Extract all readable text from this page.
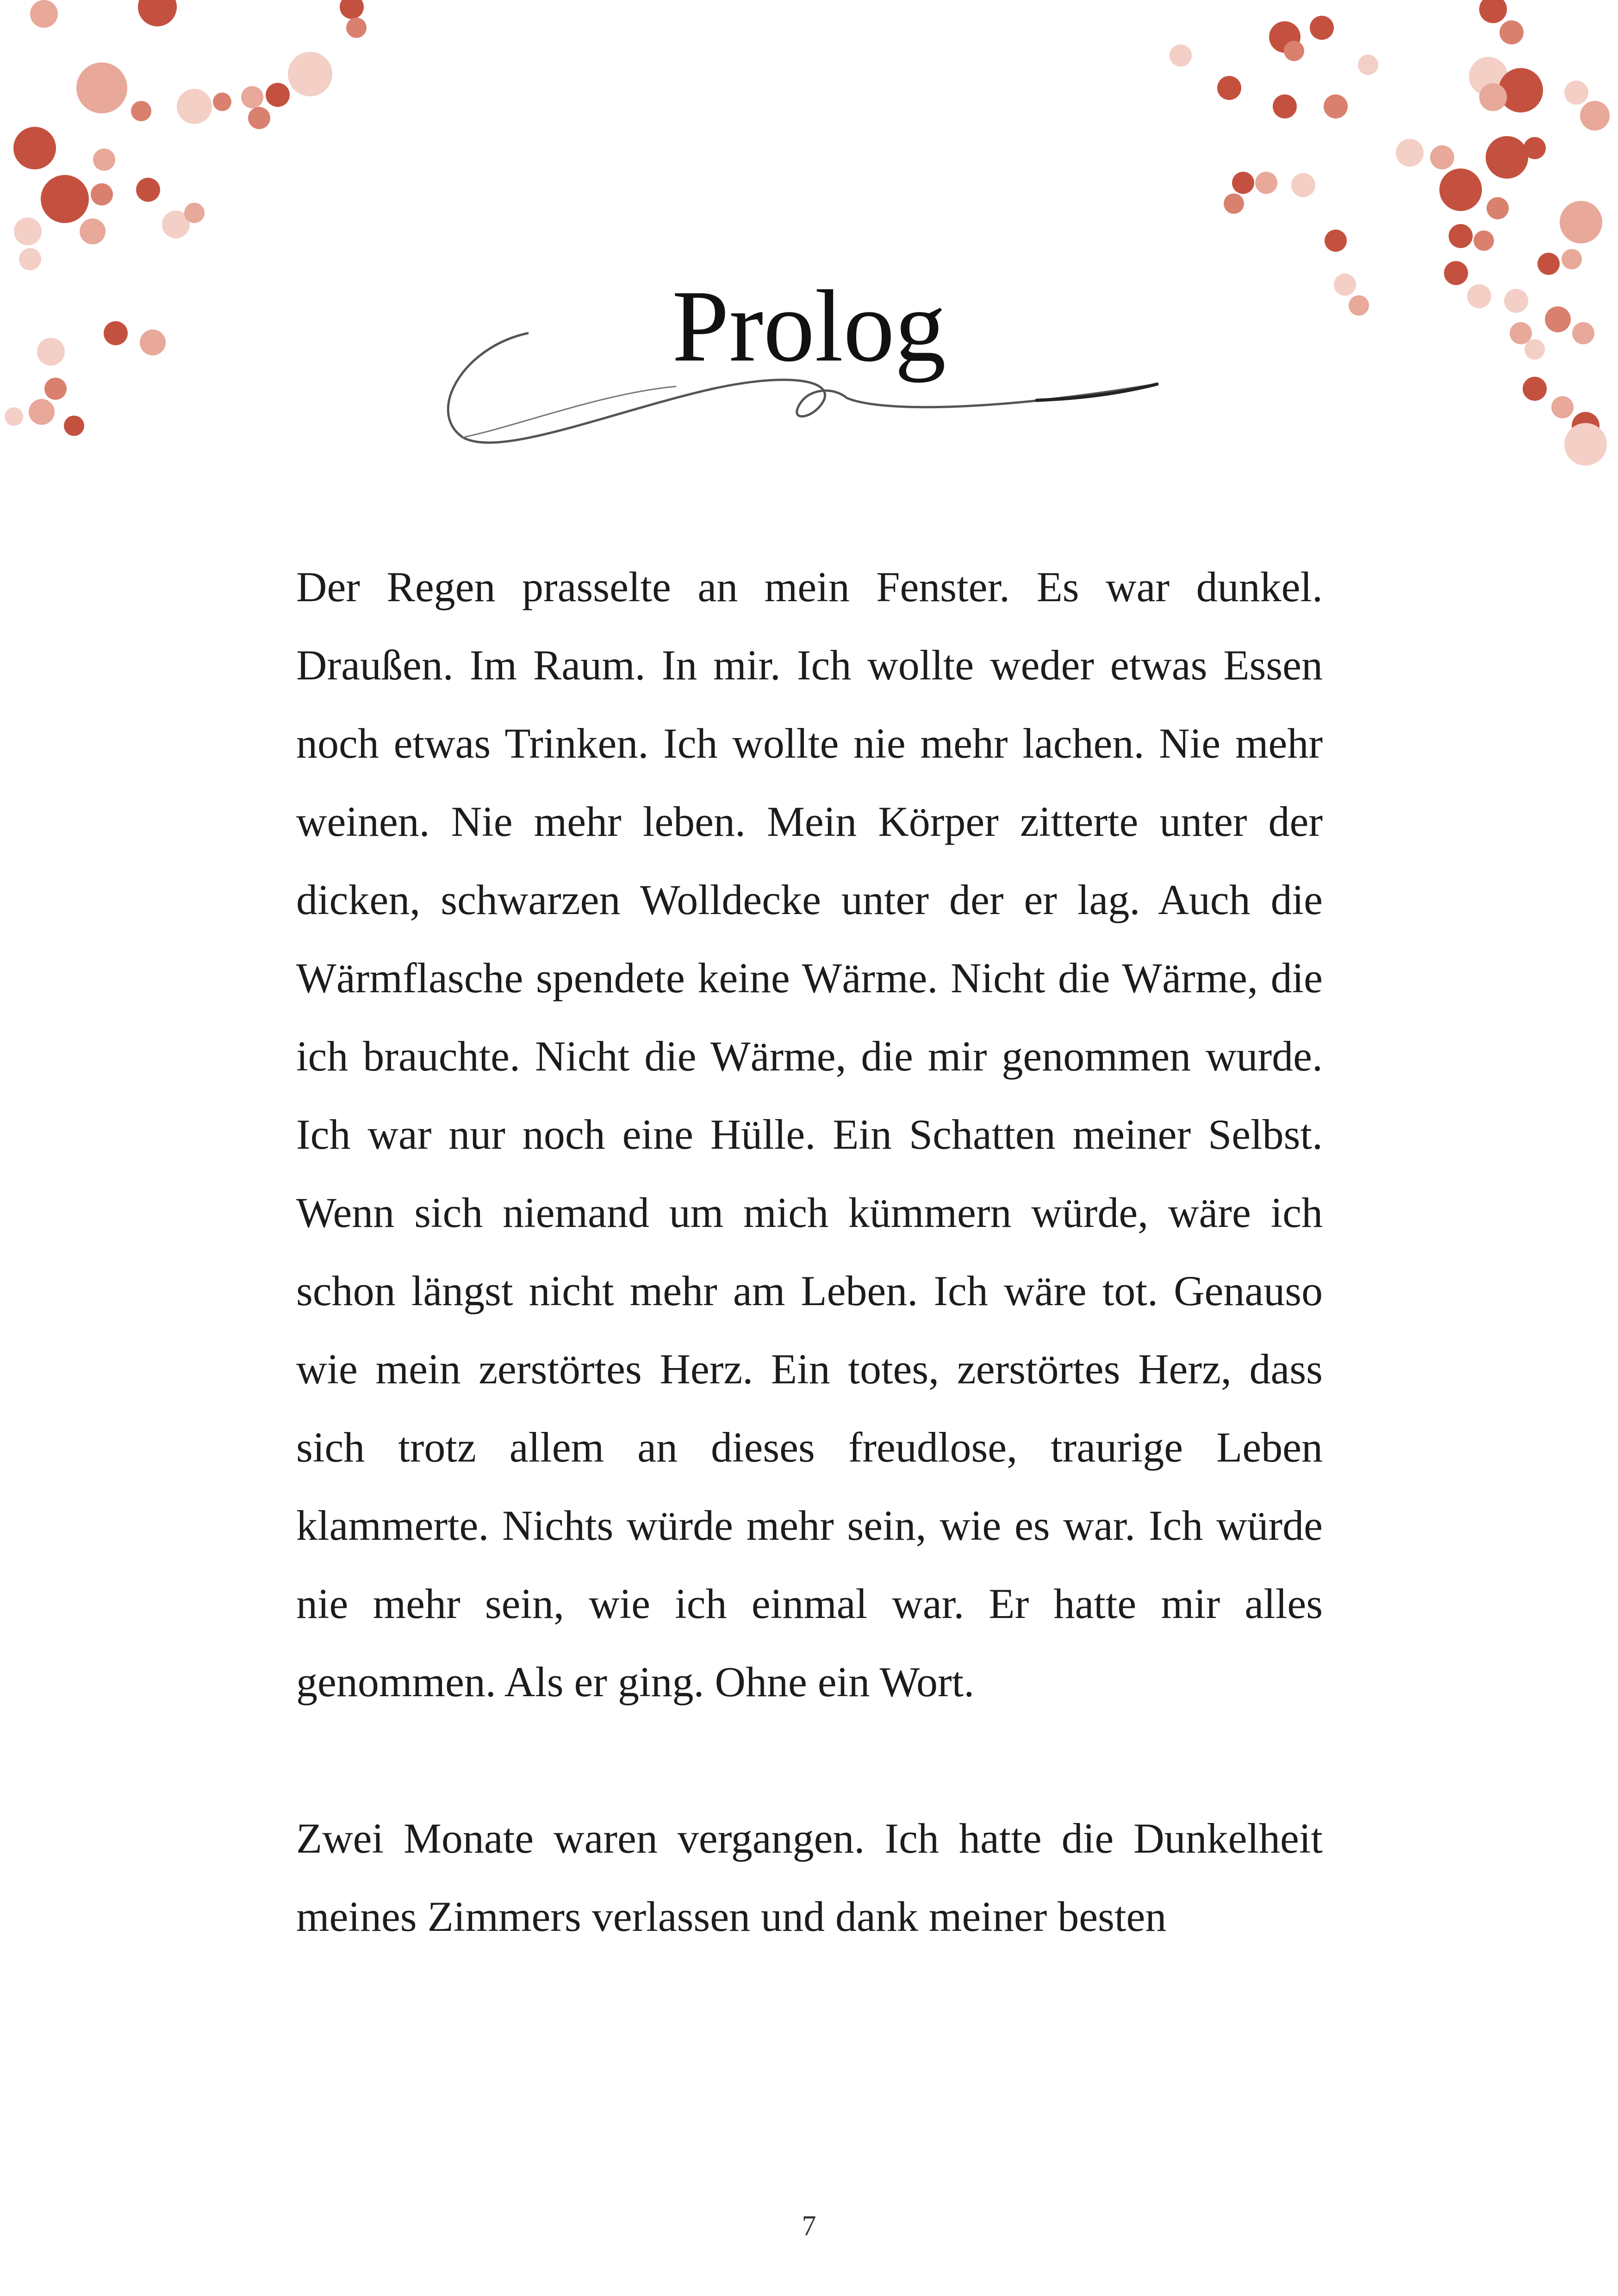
Prolog

Der Regen prasselte an mein Fenster. Es war dunkel. Draußen. Im Raum. In mir. Ich wollte weder etwas Essen noch etwas Trinken. Ich wollte nie mehr lachen. Nie mehr weinen. Nie mehr leben. Mein Körper zitterte unter der dicken, schwarzen Wolldecke unter der er lag. Auch die Wärmflasche spendete keine Wärme. Nicht die Wärme, die ich brauchte. Nicht die Wärme, die mir genommen wurde. Ich war nur noch eine Hülle. Ein Schatten meiner Selbst. Wenn sich niemand um mich kümmern würde, wäre ich schon längst nicht mehr am Leben. Ich wäre tot. Genauso wie mein zerstörtes Herz. Ein totes, zerstörtes Herz, dass sich trotz allem an dieses freudlose, traurige Leben klammerte. Nichts würde mehr sein, wie es war. Ich würde nie mehr sein, wie ich einmal war. Er hatte mir alles genommen. Als er ging. Ohne ein Wort.

Zwei Monate waren vergangen. Ich hatte die Dunkelheit meines Zimmers verlassen und dank meiner besten

7
